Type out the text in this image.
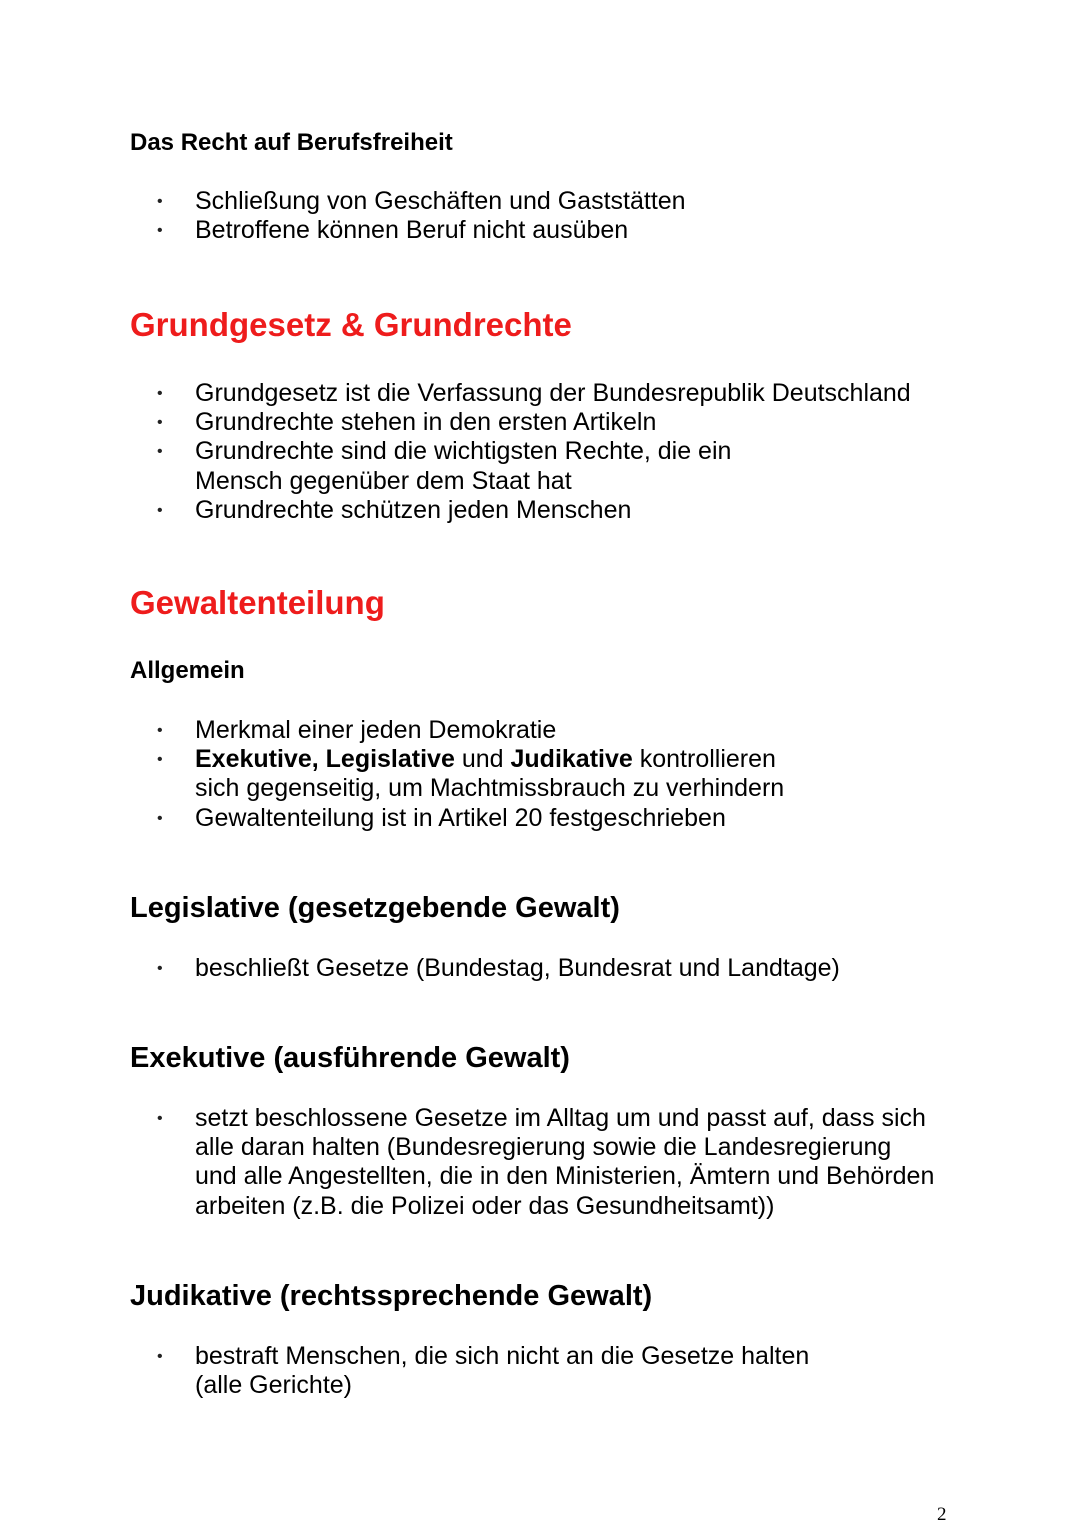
Das Recht auf Berufsfreiheit
• Schließung von Geschäften und Gaststätten
• Betroffene können Beruf nicht ausüben
Grundgesetz & Grundrechte
• Grundgesetz ist die Verfassung der Bundesrepublik Deutschland
• Grundrechte stehen in den ersten Artikeln
• Grundrechte sind die wichtigsten Rechte, die ein
Mensch gegenüber dem Staat hat
• Grundrechte schützen jeden Menschen
Gewaltenteilung
Allgemein
• Merkmal einer jeden Demokratie
• Exekutive, Legislative und Judikative kontrollieren
sich gegenseitig, um Machtmissbrauch zu verhindern
• Gewaltenteilung ist in Artikel 20 festgeschrieben
Legislative (gesetzgebende Gewalt)
• beschließt Gesetze (Bundestag, Bundesrat und Landtage)
Exekutive (ausführende Gewalt)
• setzt beschlossene Gesetze im Alltag um und passt auf, dass sich
alle daran halten (Bundesregierung sowie die Landesregierung
und alle Angestellten, die in den Ministerien, Ämtern und Behörden
arbeiten (z.B. die Polizei oder das Gesundheitsamt))
Judikative (rechtssprechende Gewalt)
• bestraft Menschen, die sich nicht an die Gesetze halten
(alle Gerichte)
2
